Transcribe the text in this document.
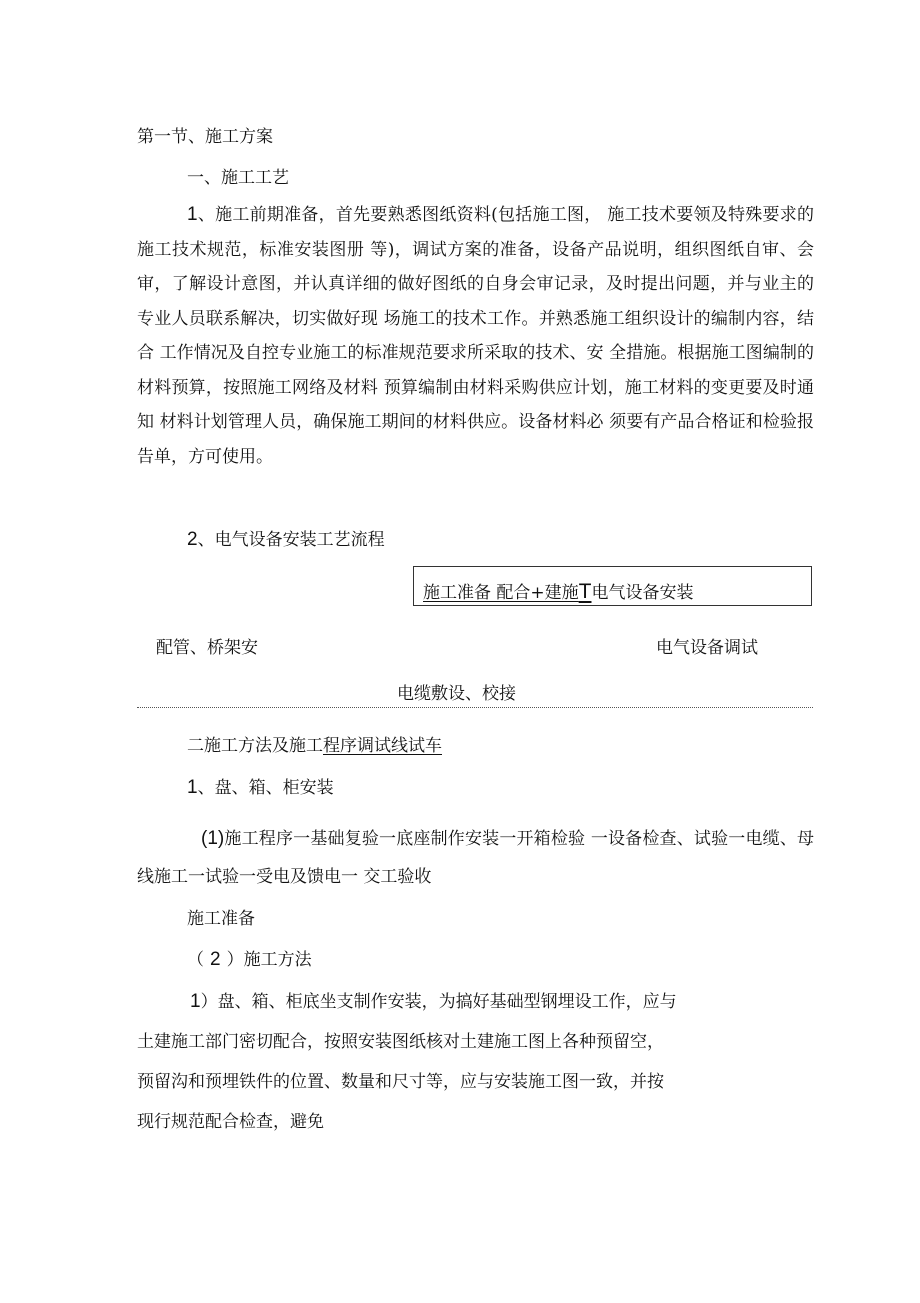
第一节、施工方案
一、施工工艺
1、施工前期准备，首先要熟悉图纸资料(包括施工图， 施工技术要领及特殊要求的施工技术规范，标准安装图册 等)，调试方案的准备，设备产品说明，组织图纸自审、会 审，了解设计意图，并认真详细的做好图纸的自身会审记录，及时提出问题，并与业主的专业人员联系解决，切实做好现 场施工的技术工作。并熟悉施工组织设计的编制内容，结合 工作情况及自控专业施工的标准规范要求所采取的技术、安 全措施。根据施工图编制的材料预算，按照施工网络及材料 预算编制由材料采购供应计划，施工材料的变更要及时通知 材料计划管理人员，确保施工期间的材料供应。设备材料必 须要有产品合格证和检验报告单，方可使用。
2、电气设备安装工艺流程
施工准备 配合+建施T电气设备安装
配管、桥架安	电气设备调试
电缆敷设、校接
二施工方法及施工程序调试线试车
1、盘、箱、柜安装
(1)施工程序一基础复验一底座制作安装一开箱检验 一设备检查、试验一电缆、母线施工一试验一受电及馈电一 交工验收
施工准备
（ 2 ）施工方法
1）盘、箱、柜底坐支制作安装，为搞好基础型钢埋设工作，应与土建施工部门密切配合，按照安装图纸核对土建施工图上各种预留空，预留沟和预埋铁件的位置、数量和尺寸等，应与安装施工图一致，并按现行规范配合检查，避免
